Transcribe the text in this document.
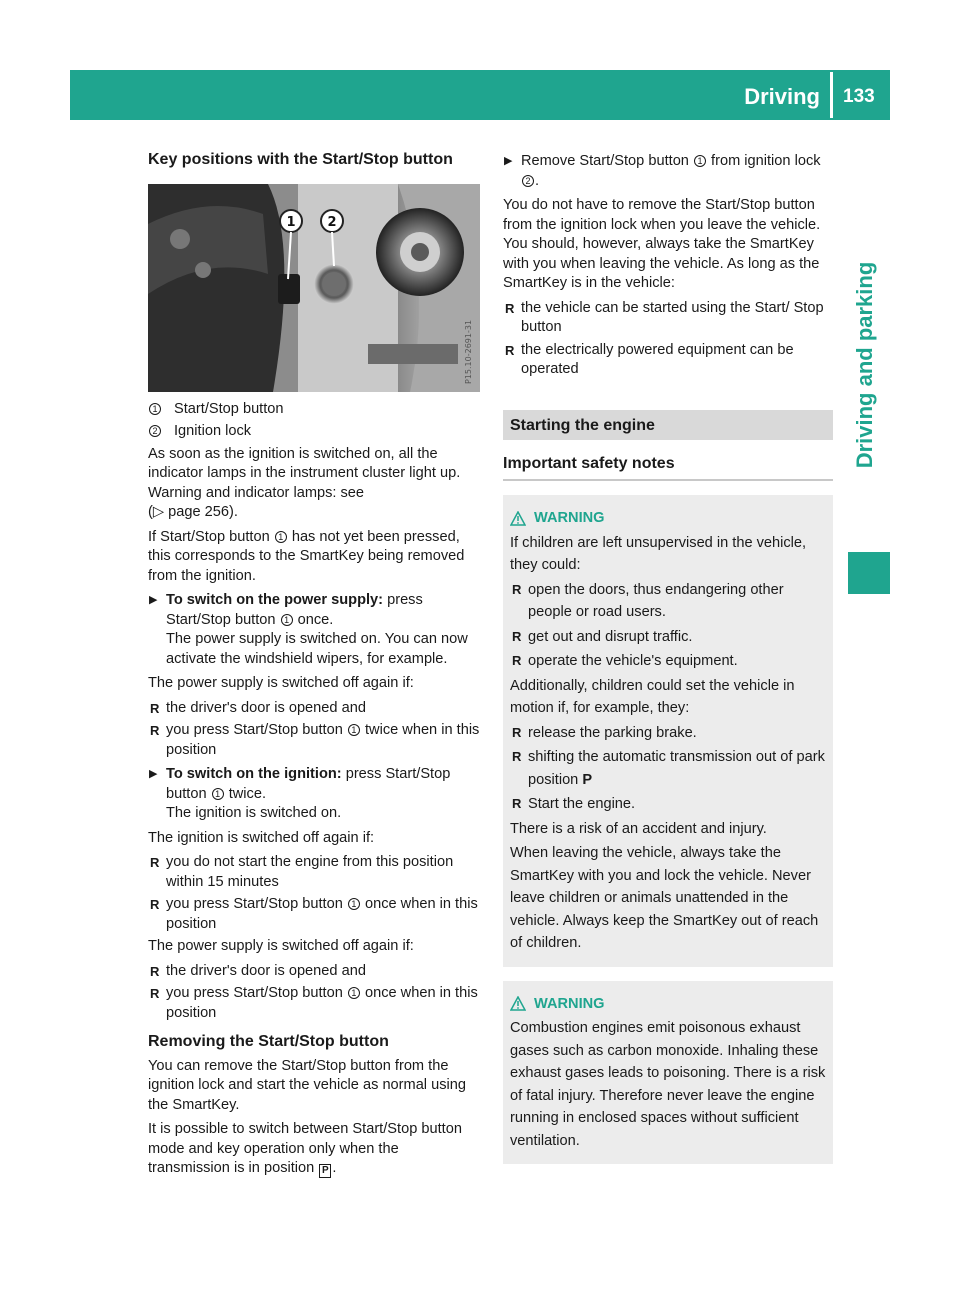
Driving 133
Driving and parking
Key positions with the Start/Stop button
1 2
P15.10-2691-31
1	Start/Stop button
2	Ignition lock

As soon as the ignition is switched on, all the indicator lamps in the instrument cluster light up. Warning and indicator lamps: see
(▷ page 256).

If Start/Stop button 1 has not yet been pressed, this corresponds to the SmartKey being removed from the ignition.

▶ To switch on the power supply: press Start/Stop button 1 once.
The power supply is switched on. You can now activate the windshield wipers, for example.

The power supply is switched off again if:

R the driver's door is opened and
R you press Start/Stop button 1 twice when in this position
▶ To switch on the ignition: press Start/Stop button 1 twice.
The ignition is switched on.

The ignition is switched off again if:

R you do not start the engine from this position within 15 minutes
R you press Start/Stop button 1 once when in this position

The power supply is switched off again if:

R the driver's door is opened and
R you press Start/Stop button 1 once when in this position
Removing the Start/Stop button

You can remove the Start/Stop button from the ignition lock and start the vehicle as normal using the SmartKey.

It is possible to switch between Start/Stop button mode and key operation only when the transmission is in position P .

▶ Remove Start/Stop button 1 from ignition lock 2 .

You do not have to remove the Start/Stop button from the ignition lock when you leave the vehicle. You should, however, always take the SmartKey with you when leaving the vehicle. As long as the SmartKey is in the vehicle:

R the vehicle can be started using the Start/ Stop button
R the electrically powered equipment can be operated
Starting the engine
Important safety notes
WARNING

If children are left unsupervised in the vehicle, they could:

R open the doors, thus endangering other people or road users.
R get out and disrupt traffic.
R operate the vehicle's equipment.

Additionally, children could set the vehicle in motion if, for example, they:

R release the parking brake.
R shifting the automatic transmission out of park position P
R Start the engine.

There is a risk of an accident and injury.

When leaving the vehicle, always take the SmartKey with you and lock the vehicle. Never leave children or animals unattended in the vehicle. Always keep the SmartKey out of reach of children.

WARNING

Combustion engines emit poisonous exhaust gases such as carbon monoxide. Inhaling these exhaust gases leads to poisoning. There is a risk of fatal injury. Therefore never leave the engine running in enclosed spaces without sufficient ventilation.
